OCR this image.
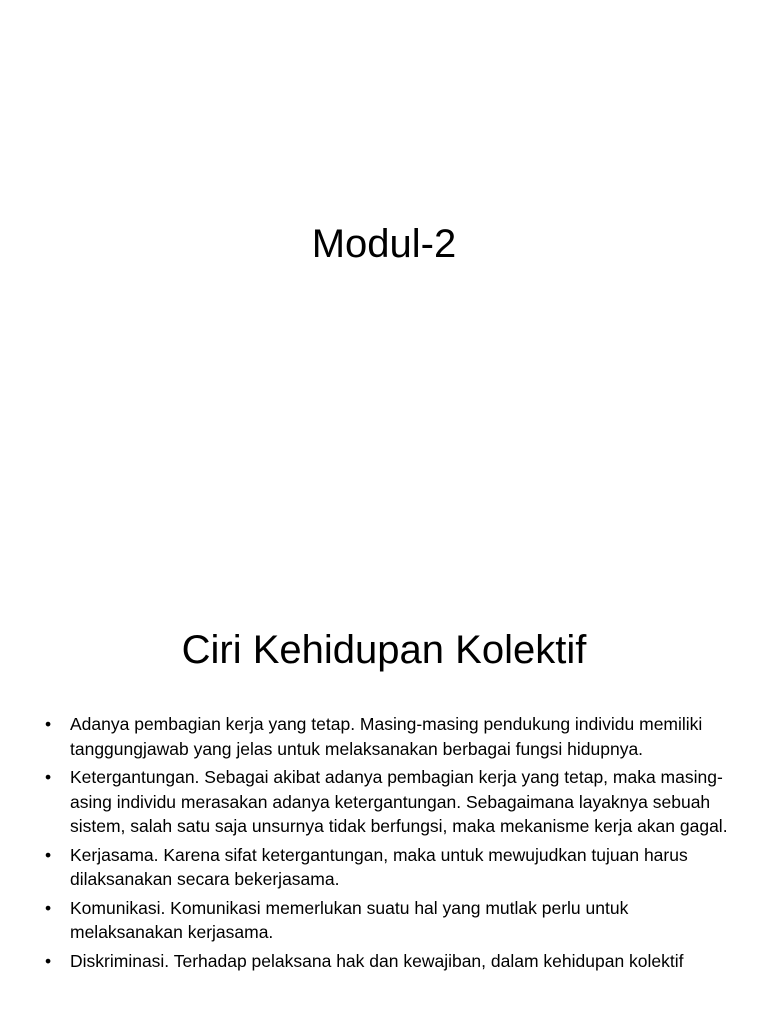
Modul-2
Ciri Kehidupan Kolektif
• Adanya pembagian kerja yang tetap. Masing-masing pendukung individu memiliki tanggungjawab yang jelas untuk melaksanakan berbagai fungsi hidupnya.
• Ketergantungan. Sebagai akibat adanya pembagian kerja yang tetap, maka masing-asing individu merasakan adanya ketergantungan. Sebagaimana layaknya sebuah sistem, salah satu saja unsurnya tidak berfungsi, maka mekanisme kerja akan gagal.
• Kerjasama. Karena sifat ketergantungan, maka untuk mewujudkan tujuan harus dilaksanakan secara bekerjasama.
• Komunikasi. Komunikasi memerlukan suatu hal yang mutlak perlu untuk melaksanakan kerjasama.
• Diskriminasi. Terhadap pelaksana hak dan kewajiban, dalam kehidupan kolektif
